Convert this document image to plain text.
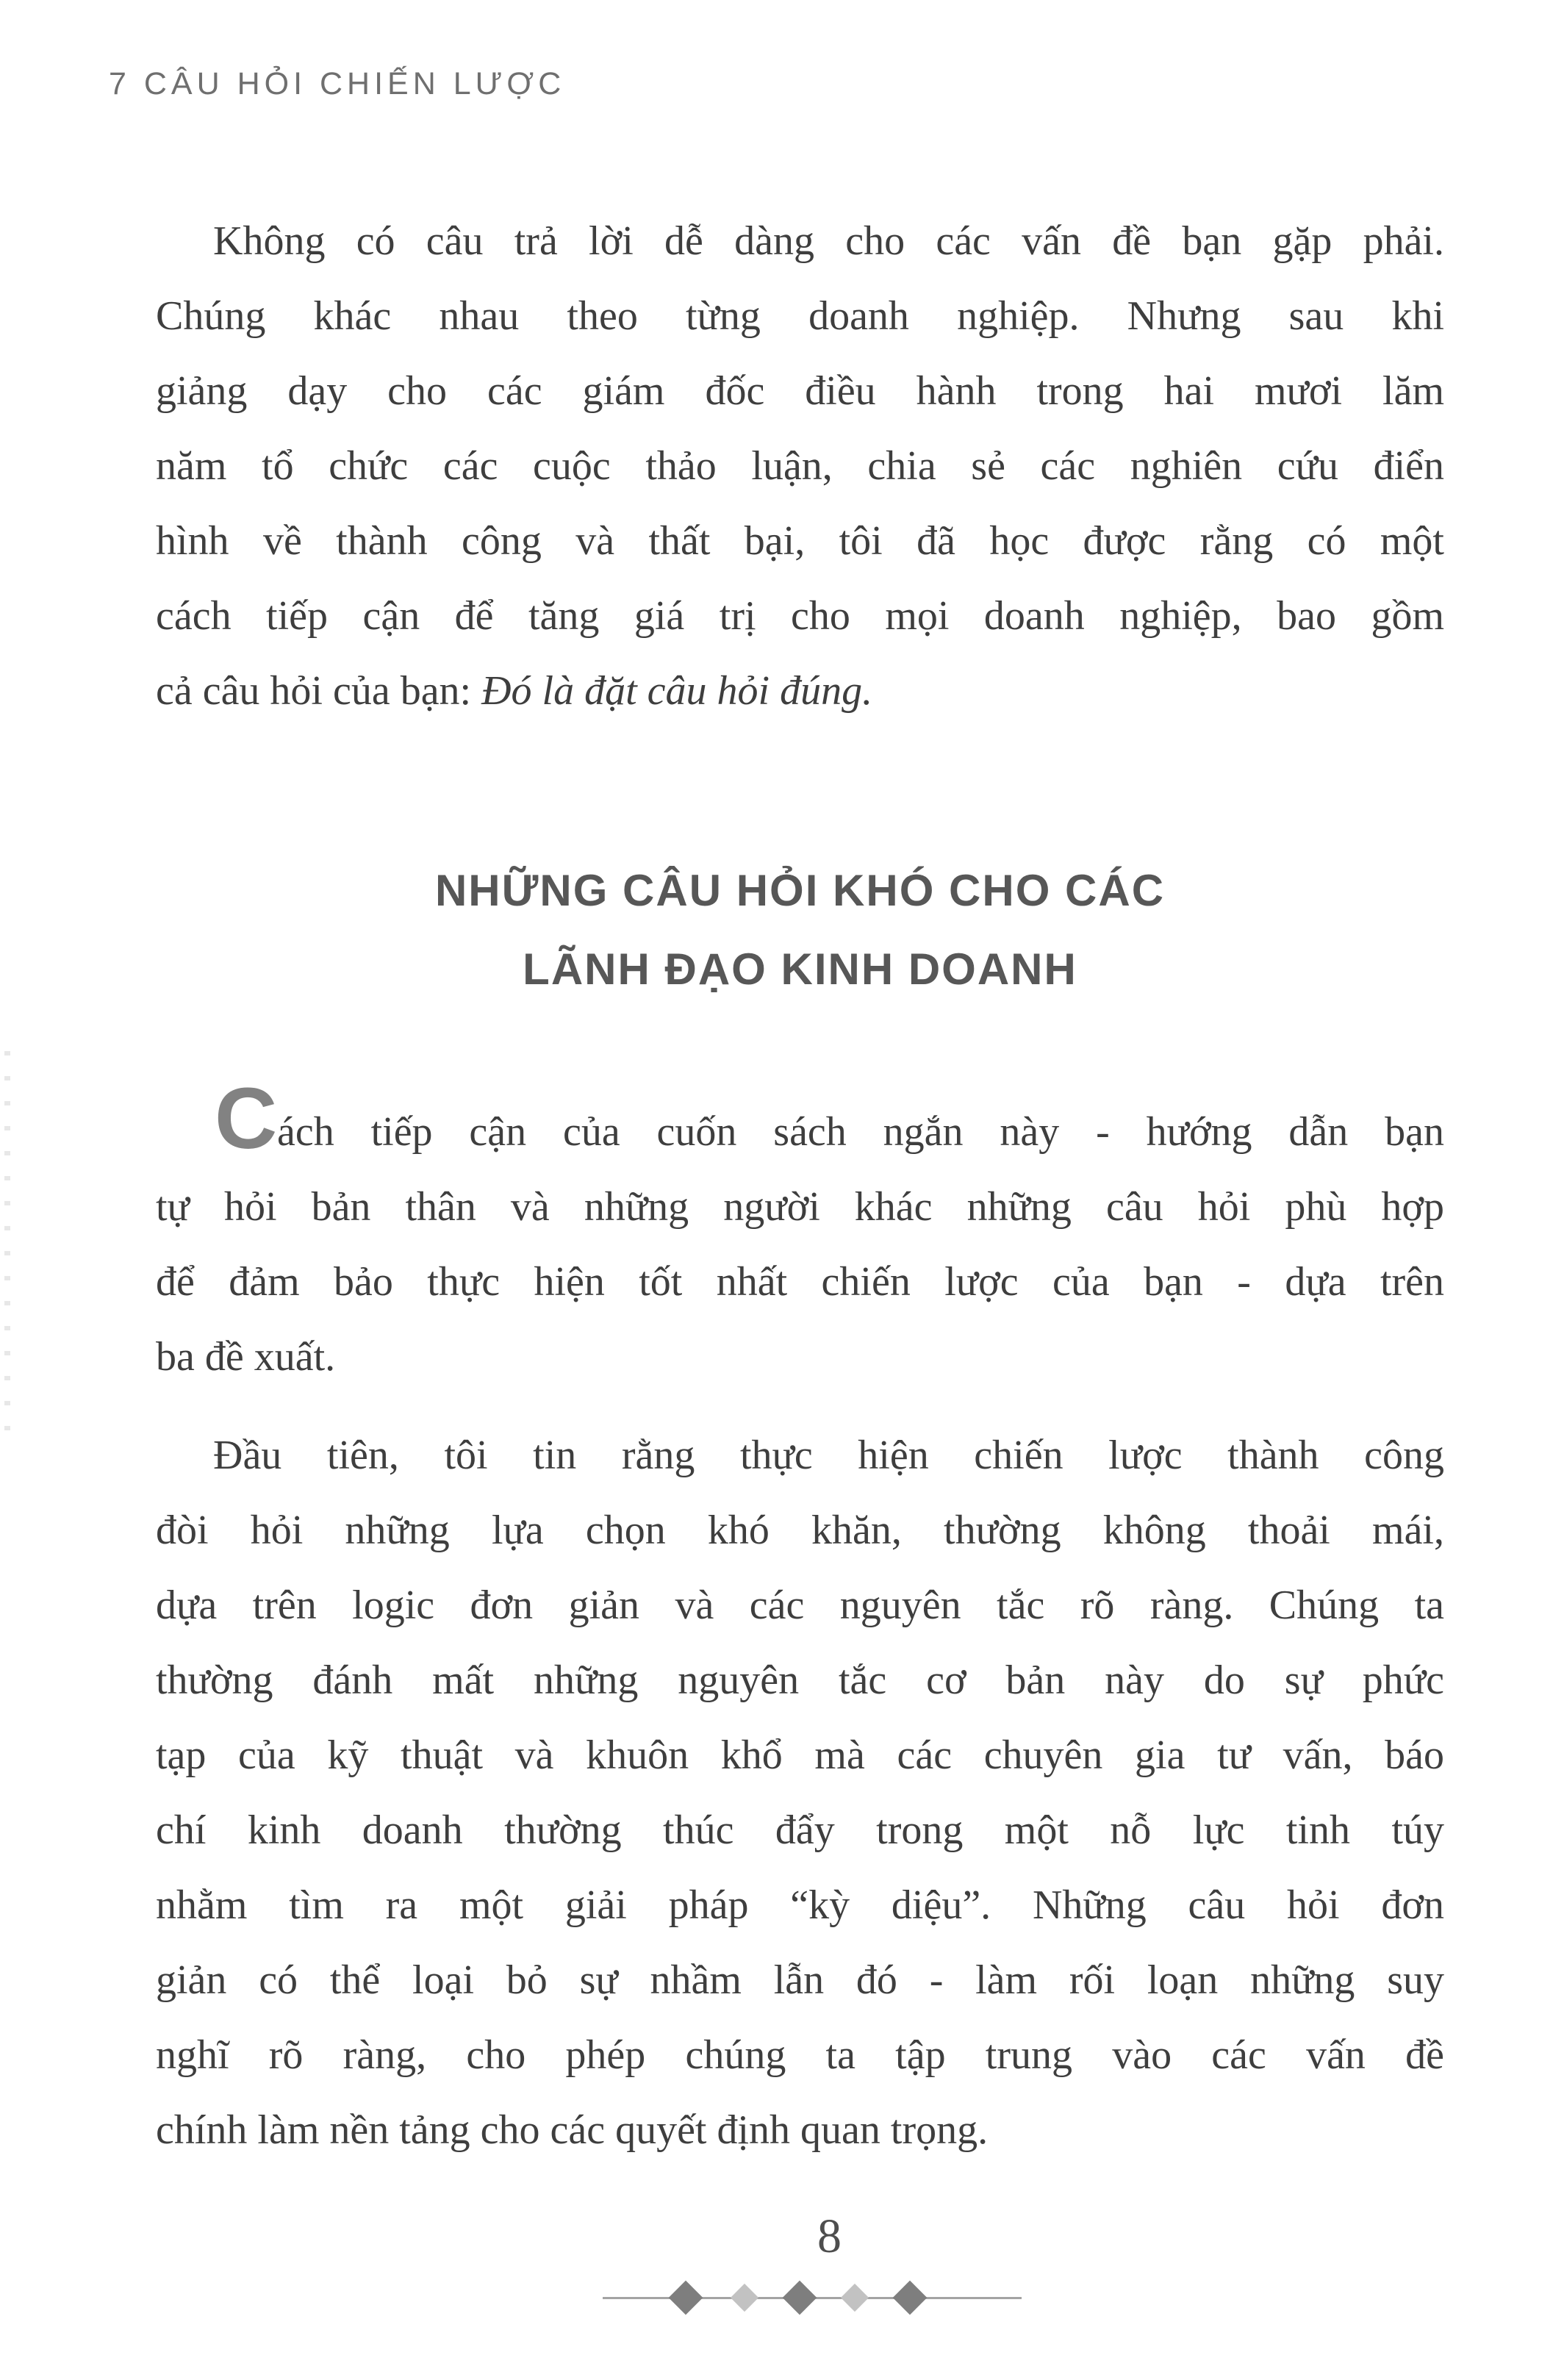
7 CÂU HỎI CHIẾN LƯỢC
Không có câu trả lời dễ dàng cho các vấn đề bạn gặp phải.
Chúng khác nhau theo từng doanh nghiệp. Nhưng sau khi
giảng dạy cho các giám đốc điều hành trong hai mươi lăm
năm tổ chức các cuộc thảo luận, chia sẻ các nghiên cứu điển
hình về thành công và thất bại, tôi đã học được rằng có một
cách tiếp cận để tăng giá trị cho mọi doanh nghiệp, bao gồm
cả câu hỏi của bạn: Đó là đặt câu hỏi đúng.
NHỮNG CÂU HỎI KHÓ CHO CÁC
LÃNH ĐẠO KINH DOANH
C ách tiếp cận của cuốn sách ngắn này - hướng dẫn bạn
tự hỏi bản thân và những người khác những câu hỏi phù hợp
để đảm bảo thực hiện tốt nhất chiến lược của bạn - dựa trên
ba đề xuất.
Đầu tiên, tôi tin rằng thực hiện chiến lược thành công
đòi hỏi những lựa chọn khó khăn, thường không thoải mái,
dựa trên logic đơn giản và các nguyên tắc rõ ràng. Chúng ta
thường đánh mất những nguyên tắc cơ bản này do sự phức
tạp của kỹ thuật và khuôn khổ mà các chuyên gia tư vấn, báo
chí kinh doanh thường thúc đẩy trong một nỗ lực tinh túy
nhằm tìm ra một giải pháp “kỳ diệu”. Những câu hỏi đơn
giản có thể loại bỏ sự nhầm lẫn đó - làm rối loạn những suy
nghĩ rõ ràng, cho phép chúng ta tập trung vào các vấn đề
chính làm nền tảng cho các quyết định quan trọng.
8
